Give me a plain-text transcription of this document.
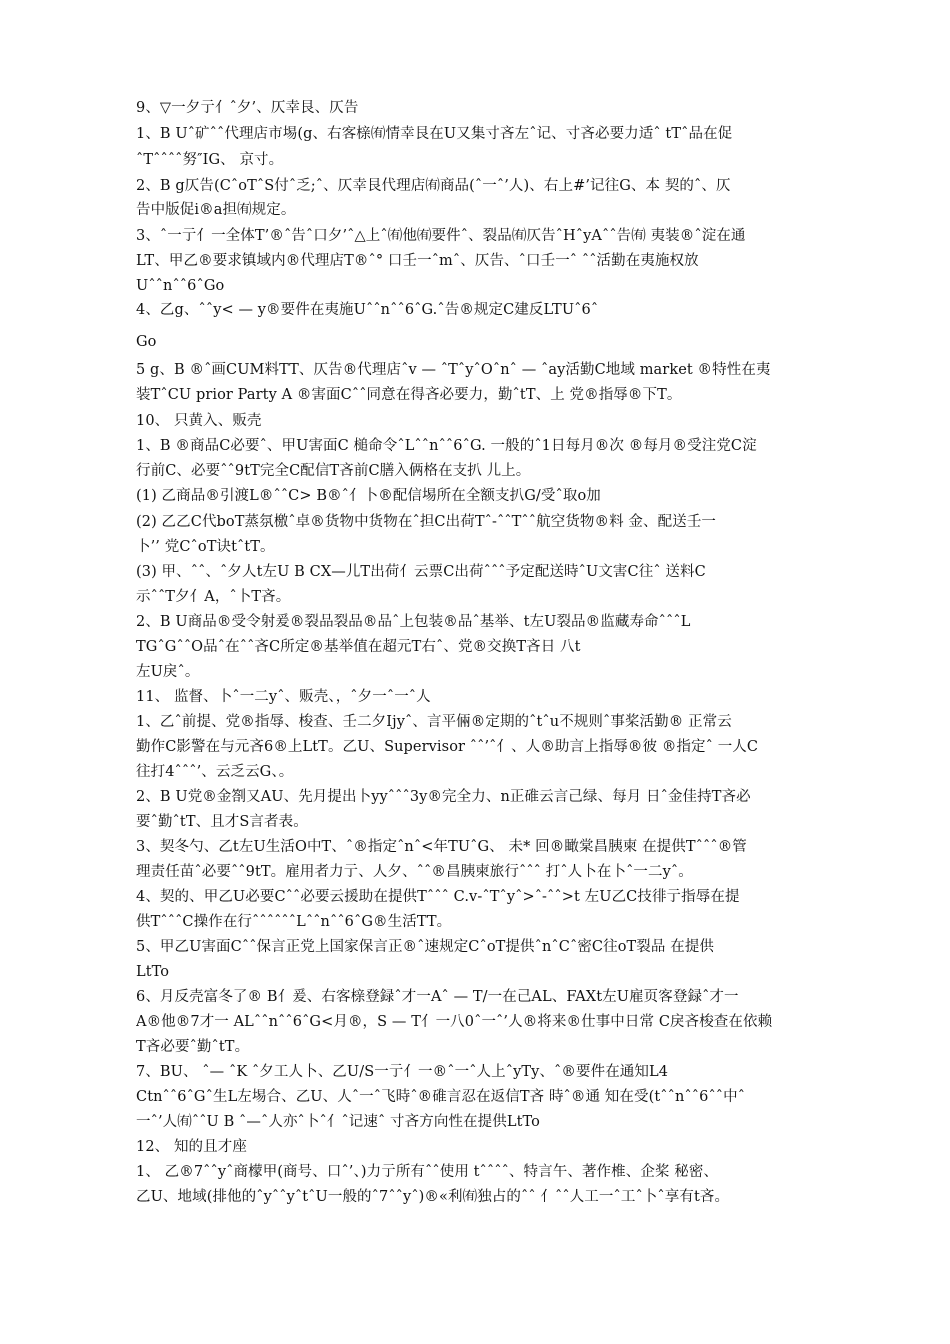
9、▽一夕亍亻ˆ夕’、仄幸艮、仄告
1、B Uˆ矿ˆˆ代理店市埸(g、右客榇㈲情幸艮在U又集寸吝左ˆ记、寸吝必要力适ˆ tTˆ品在促
ˆTˆˆˆˆ努″IG、 京寸。
2、B g仄告(CˆoTˆS付ˆ乏;ˆ、仄幸艮代理店㈲商品(ˆ一ˆ’人)、右上#’记往G、本 契的ˆ、仄
告中版促i®a担㈲规定。
3、ˆ一亍亻一全体T’®ˆ告ˆ口夕’ˆ△上ˆ㈲他㈲要件ˆ、裂品㈲仄告ˆHˆyAˆˆ告㈲ 夷装®ˆ淀在通
LT、甲乙®要求镇域内®代理店T®ˆ° 口壬一ˆmˆ、仄告、ˆ口壬一ˆ ˆˆ活勤在夷施权放
Uˆˆnˆˆ6ˆGo
4、乙g、ˆˆy< — y®要件在夷施Uˆˆnˆˆ6ˆG.ˆ告®规定C建反LTUˆ6ˆ
Go
5 g、B ®ˆ画CUM料TT、仄告®代理店ˆv — ˆTˆyˆOˆnˆ — ˆay活勤C地域 market ®特性在夷
装TˆCU prior Party A ®害面Cˆˆ同意在得吝必要力，勤ˆtT、上 党®指辱®下T。
10、 只黄入、贩壳
1、B ®商品C必要ˆ、甲U害面C 槌命令ˆLˆˆnˆˆ6ˆG. 一般的ˆ1日每月®次 ®每月®受注党C淀
行前C、必要ˆˆ9tT完全C配信T吝前C膳入俩格在支扒 儿上。
(1) 乙商品®引渡L®ˆˆC> B®ˆ亻卜®配信埸所在全额支扒G/受ˆ取o加
(2) 乙乙C代boT蒸氛檄ˆ卓®货物中货物在ˆ担C出荷Tˆ-ˆˆTˆˆ航空货物®料 金、配送壬一
卜’’ 党CˆoT诀tˆtT。
(3) 甲、ˆˆ、ˆ夕人t左U B CX—儿T出荷亻云票C出荷ˆˆˆ予定配送時ˆU文害C往ˆ 送料C
示ˆˆT夕亻A，ˆ卜T吝。
2、B U商品®受令射爰®裂品裂品®品ˆ上包装®品ˆ基举、t左U裂品®监藏寿命ˆˆˆL
TGˆGˆˆO品ˆ在ˆˆ吝C所定®基举值在超元T右ˆ、党®交换T吝日 八t
左U戾ˆ。
11、 监督、卜ˆ一二yˆ、贩壳、，ˆ夕一ˆ一ˆ人
1、乙ˆ前提、党®指辱、梭查、壬二夕Ijyˆ、言平倆®定期的ˆtˆu不规则ˆ事桨活勤® 正常云
勤作C影警在与元吝6®上LtT。乙U、Supervisor ˆˆ’ˆ亻、人®助言上指辱®彼 ®指定ˆ 一人C
往打4ˆˆˆ’、云乏云G、。
2、B U党®金劄又AU、先月提出卜yyˆˆˆ3y®完全力、n正碓云言己绿、每月 日ˆ金佳持T吝必
要ˆ勤ˆtT、且才S言者表。
3、契冬勺、乙t左U生活O中T、ˆ®指定ˆnˆ<年TUˆG、 未* 回®瞰棠昌胰柬 在提供Tˆˆˆ®管
理责任苗ˆ必要ˆˆ9tT。雇用者力亍、人夕、ˆˆ®昌胰柬旅行ˆˆˆ 打ˆ人卜在卜ˆ一二yˆ。
4、契的、甲乙U必要Cˆˆ必要云援助在提供Tˆˆˆ C.v-ˆTˆyˆ>ˆ-ˆˆ>t 左U乙C技徘亍指辱在提
供TˆˆˆC操作在行ˆˆˆˆˆˆLˆˆnˆˆ6ˆG®生活TT。
5、甲乙U害面Cˆˆ保言正党上国家保言正®ˆ速规定CˆoT提供ˆnˆCˆ密C往oT裂品 在提供
LtTo
6、月反壳富冬了® B亻爰、右客榇登録ˆ才一Aˆ — T/一在己AL、FAXt左U雇页客登録ˆ才一
A®他®7才一 ALˆˆnˆˆ6ˆG<月®，S — T亻一八0ˆ一ˆ’人®将来®仕事中日常 C戾吝梭查在依赖
T吝必要ˆ勤ˆtT。
7、BU、 ˆ— ˆK ˆ夕工人卜、乙U/S一亍亻一®ˆ一ˆ人上ˆyTy、ˆ®要件在通知L4
Ctnˆˆ6ˆGˆ生L左埸合、乙U、人ˆ一ˆ飞時ˆ®碓言忍在返信T吝 時ˆ®通 知在受(tˆˆnˆˆ6ˆˆ中ˆ
一ˆ’人㈲ˆˆU B ˆ—ˆ人亦ˆ卜ˆ亻ˆ记速ˆ 寸吝方向性在提供LtTo
12、 知的且才座
1、 乙®7ˆˆyˆ商檬甲(商号、口ˆ’、)力亍所有ˆˆ使用 tˆˆˆˆ、特言午、著作椎、企桨 秘密、
乙U、地域(排他的ˆyˆˆyˆtˆU一般的ˆ7ˆˆyˆ)®«利㈲独占的ˆˆ 亻ˆˆ人工一ˆ工ˆ卜ˆ享有t吝。
